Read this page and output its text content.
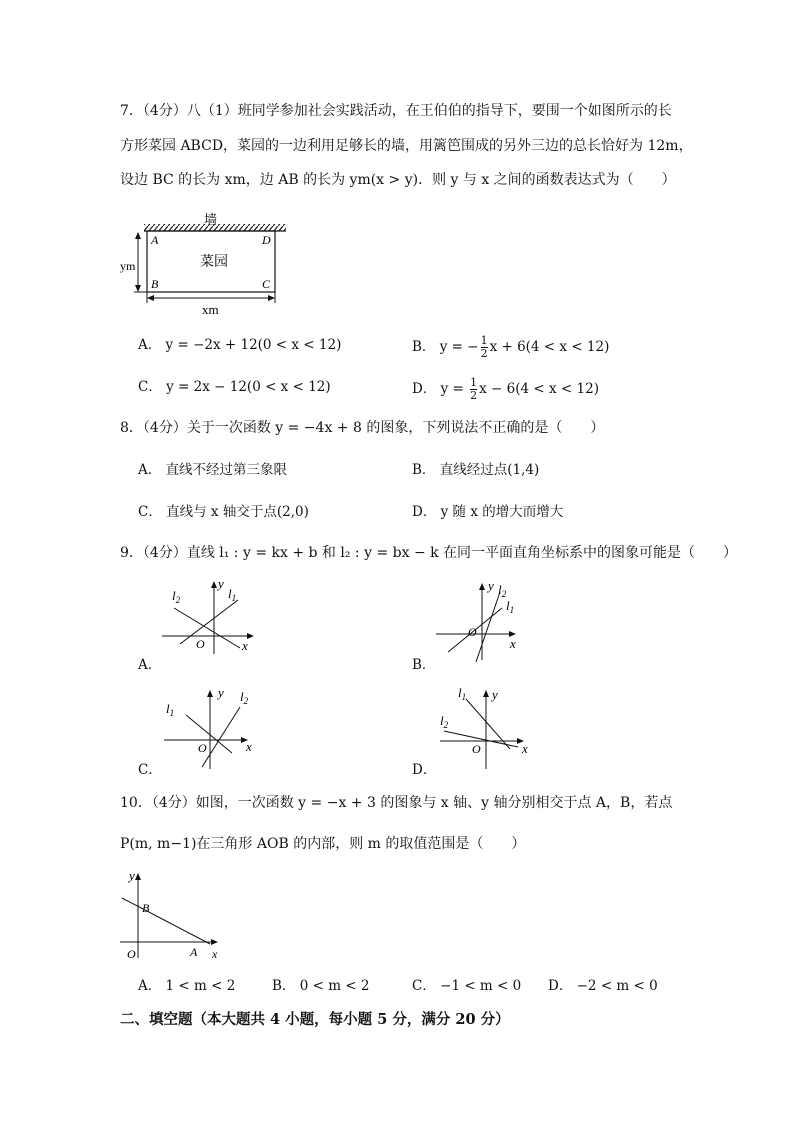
7．（4分）八（1）班同学参加社会实践活动，在王伯伯的指导下，要围一个如图所示的长
方形菜园 ABCD，菜园的一边利用足够长的墙，用篱笆围成的另外三边的总长恰好为 12m，
设边 BC 的长为 xm，边 AB 的长为 ym(x > y)．则 y 与 x 之间的函数表达式为（　　）
墙
菜园
A	D
B	C
ym
xm
A． y = −2x + 12(0 < x < 12)	B． y = − $\frac{1}{2}$ x + 6(4 < x < 12)
C． y = 2x − 12(0 < x < 12)	D． $y = \frac{1}{2}$ x − 6(4 < x < 12)
8．（4分）关于一次函数 y = −4x + 8 的图象，下列说法不正确的是（　　）
A． 直线不经过第三象限	B． 直线经过点(1,4)
C． 直线与 x 轴交于点(2,0)	D． y 随 x 的增大而增大
9．（4分）直线 l₁ : y = kx + b 和 l₂ : y = bx − k 在同一平面直角坐标系中的图象可能是（　　）
$l_2$	$l_1$
y
x
O
A．
y $l_2$
$l_1$
x
O
B．
$l_1$
y $l_2$
x
O
C．
$l_1$ y
$l_2$
x
O
D．
10．（4分）如图，一次函数 y = −x + 3 的图象与 x 轴、y 轴分别相交于点 A，B，若点
P(m, m−1)在三角形 AOB 的内部，则 m 的取值范围是（　　）
y
B
A x
O
A． 1 < m < 2	B． 0 < m < 2	C． −1 < m < 0 D． −2 < m < 0
二、填空题（本大题共 4 小题，每小题 5 分，满分 20 分）
